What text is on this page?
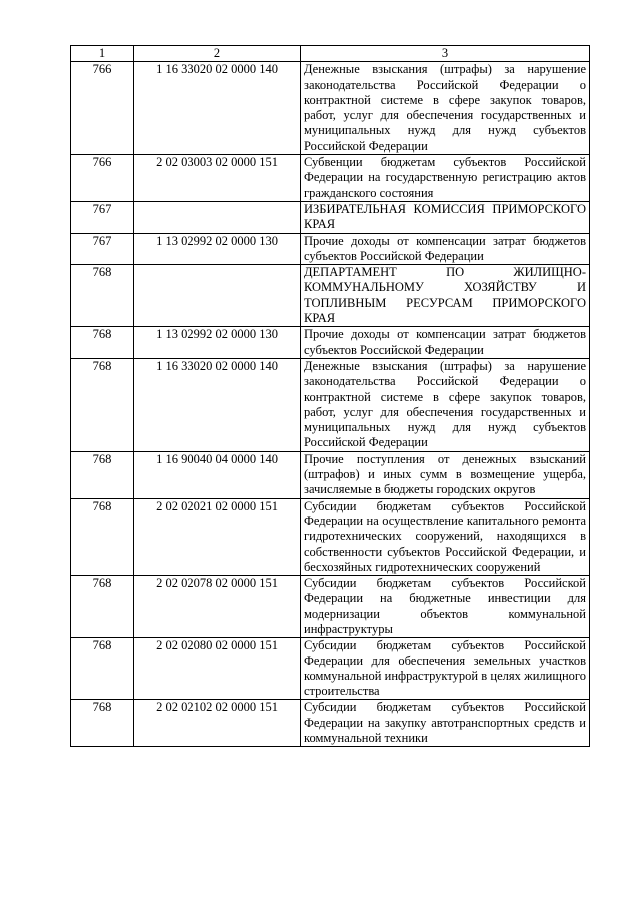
1	2	3
766	1 16 33020 02 0000 140	Денежные взыскания (штрафы) за нарушение законодательства Российской Федерации о контрактной системе в сфере закупок товаров, работ, услуг для обеспечения государственных и муниципальных нужд для нужд субъектов Российской Федерации
766	2 02 03003 02 0000 151	Субвенции бюджетам субъектов Российской Федерации на государственную регистрацию актов гражданского состояния
767		ИЗБИРАТЕЛЬНАЯ КОМИССИЯ ПРИМОРСКОГО КРАЯ
767	1 13 02992 02 0000 130	Прочие доходы от компенсации затрат бюджетов субъектов Российской Федерации
768		ДЕПАРТАМЕНТ ПО ЖИЛИЩНО-КОММУНАЛЬНОМУ ХОЗЯЙСТВУ И ТОПЛИВНЫМ РЕСУРСАМ ПРИМОРСКОГО КРАЯ
768	1 13 02992 02 0000 130	Прочие доходы от компенсации затрат бюджетов субъектов Российской Федерации
768	1 16 33020 02 0000 140	Денежные взыскания (штрафы) за нарушение законодательства Российской Федерации о контрактной системе в сфере закупок товаров, работ, услуг для обеспечения государственных и муниципальных нужд для нужд субъектов Российской Федерации
768	1 16 90040 04 0000 140	Прочие поступления от денежных взысканий (штрафов) и иных сумм в возмещение ущерба, зачисляемые в бюджеты городских округов
768	2 02 02021 02 0000 151	Субсидии бюджетам субъектов Российской Федерации на осуществление капитального ремонта гидротехнических сооружений, находящихся в собственности субъектов Российской Федерации, и бесхозяйных гидротехнических сооружений
768	2 02 02078 02 0000 151	Субсидии бюджетам субъектов Российской Федерации на бюджетные инвестиции для модернизации объектов коммунальной инфраструктуры
768	2 02 02080 02 0000 151	Субсидии бюджетам субъектов Российской Федерации для обеспечения земельных участков коммунальной инфраструктурой в целях жилищного строительства
768	2 02 02102 02 0000 151	Субсидии бюджетам субъектов Российской Федерации на закупку автотранспортных средств и коммунальной техники
